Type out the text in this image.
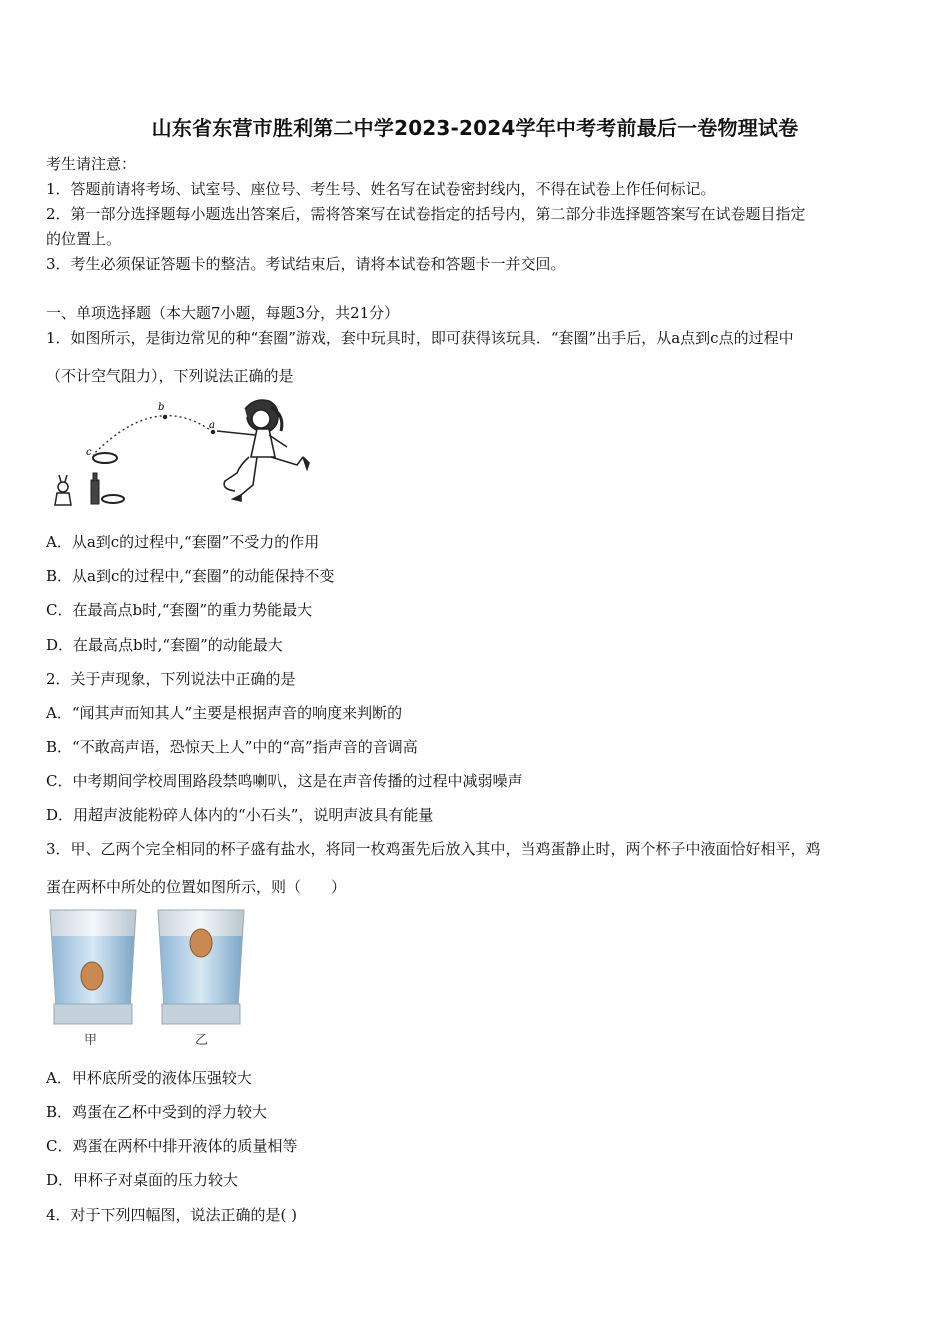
山东省东营市胜利第二中学2023-2024学年中考考前最后一卷物理试卷
考生请注意：
1．答题前请将考场、试室号、座位号、考生号、姓名写在试卷密封线内，不得在试卷上作任何标记。
2．第一部分选择题每小题选出答案后，需将答案写在试卷指定的括号内，第二部分非选择题答案写在试卷题目指定
的位置上。
3．考生必须保证答题卡的整洁。考试结束后，请将本试卷和答题卡一并交回。
一、单项选择题（本大题7小题，每题3分，共21分）
1．如图所示，是街边常见的种“套圈”游戏，套中玩具时，即可获得该玩具．“套圈”出手后，从a点到c点的过程中
（不计空气阻力），下列说法正确的是
b
a
c
A．从a到c的过程中,“套圈”不受力的作用
B．从a到c的过程中,“套圈”的动能保持不变
C．在最高点b时,“套圈”的重力势能最大
D．在最高点b时,“套圈”的动能最大
2．关于声现象，下列说法中正确的是
A．“闻其声而知其人”主要是根据声音的响度来判断的
B．“不敢高声语，恐惊天上人”中的“高”指声音的音调高
C．中考期间学校周围路段禁鸣喇叭，这是在声音传播的过程中减弱噪声
D．用超声波能粉碎人体内的“小石头”，说明声波具有能量
3．甲、乙两个完全相同的杯子盛有盐水，将同一枚鸡蛋先后放入其中，当鸡蛋静止时，两个杯子中液面恰好相平，鸡
蛋在两杯中所处的位置如图所示，则（　　）
甲	乙
A．甲杯底所受的液体压强较大
B．鸡蛋在乙杯中受到的浮力较大
C．鸡蛋在两杯中排开液体的质量相等
D．甲杯子对桌面的压力较大
4．对于下列四幅图，说法正确的是( )
